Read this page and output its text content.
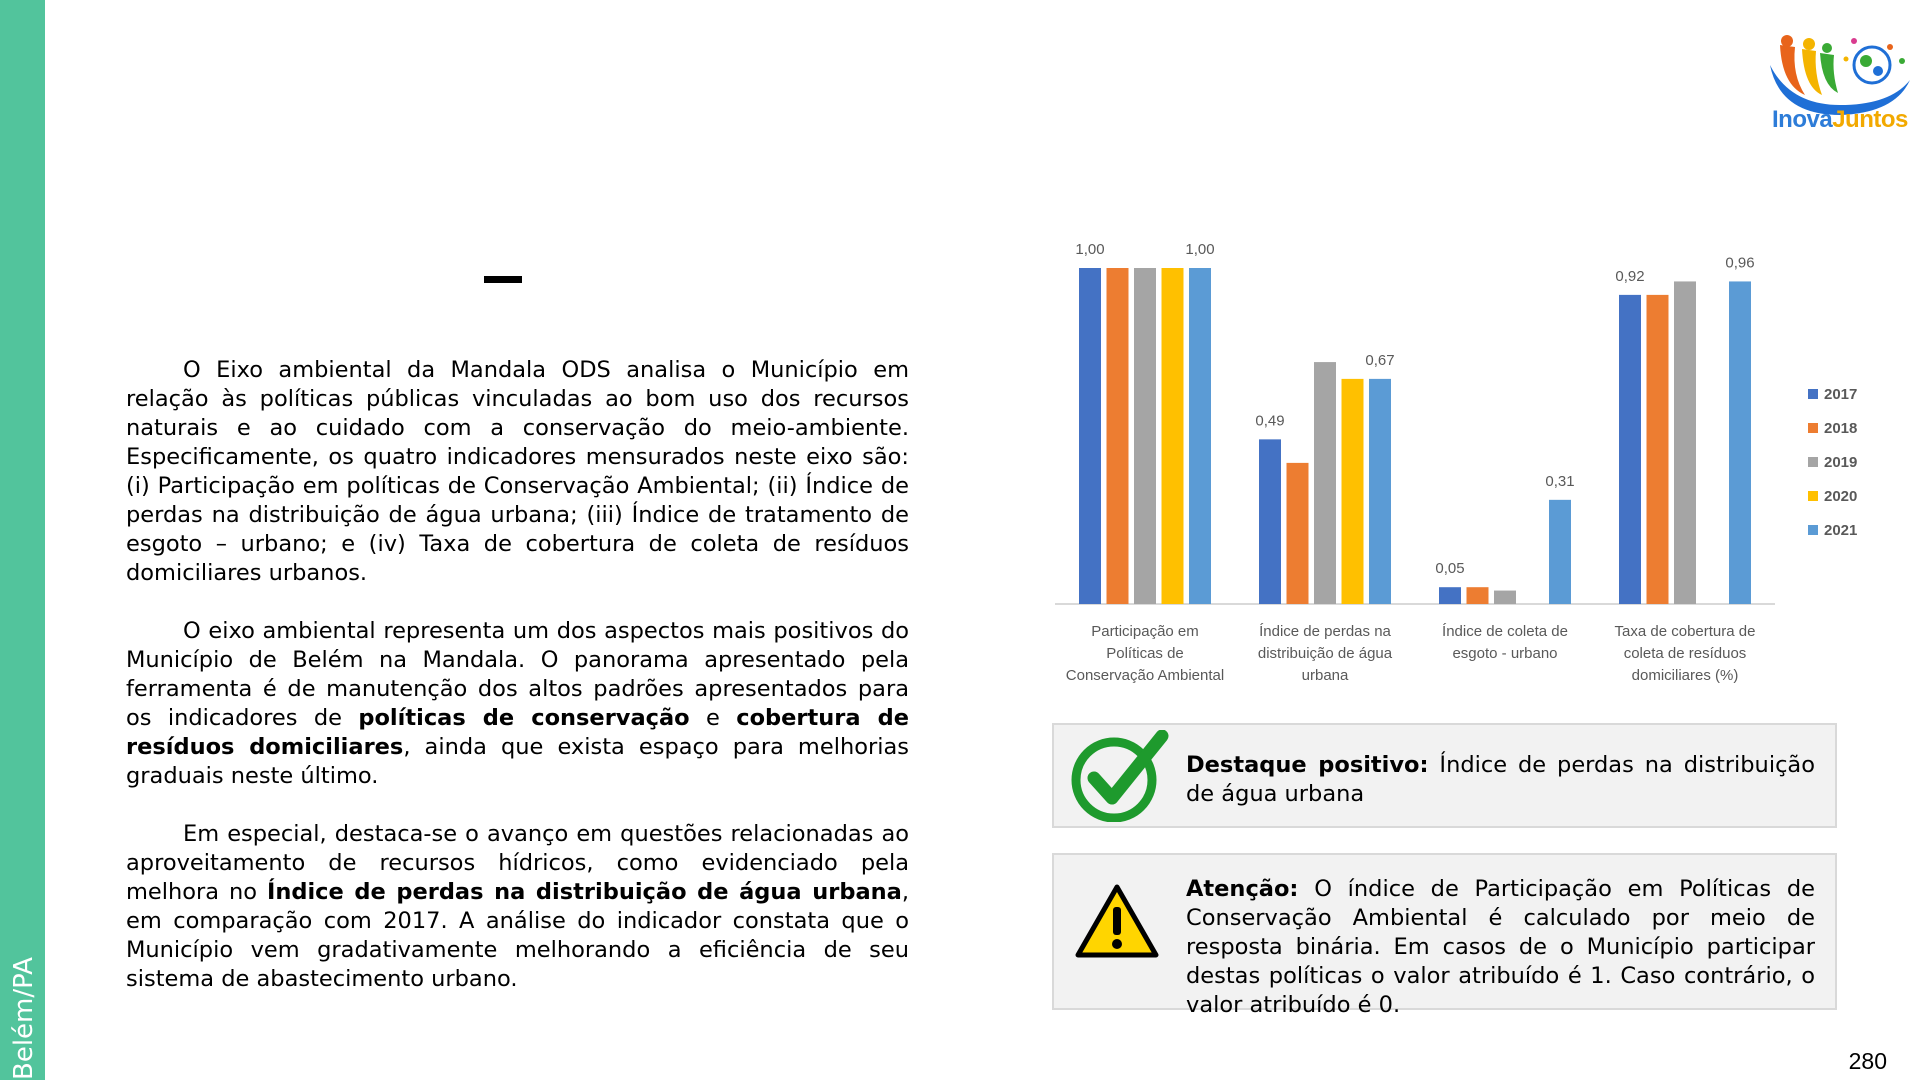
Belém/PA
InovaJuntos

O Eixo ambiental da Mandala ODS analisa o Município em relação às políticas públicas vinculadas ao bom uso dos recursos naturais e ao cuidado com a conservação do meio-ambiente. Especificamente, os quatro indicadores mensurados neste eixo são: (i) Participação em políticas de Conservação Ambiental; (ii) Índice de perdas na distribuição de água urbana; (iii) Índice de tratamento de esgoto – urbano; e (iv) Taxa de cobertura de coleta de resíduos domiciliares urbanos.

O eixo ambiental representa um dos aspectos mais positivos do Município de Belém na Mandala. O panorama apresentado pela ferramenta é de manutenção dos altos padrões apresentados para os indicadores de políticas de conservação e cobertura de resíduos domiciliares, ainda que exista espaço para melhorias graduais neste último.

Em especial, destaca-se o avanço em questões relacionadas ao aproveitamento de recursos hídricos, como evidenciado pela melhora no Índice de perdas na distribuição de água urbana, em comparação com 2017. A análise do indicador constata que o Município vem gradativamente melhorando a eficiência de seu sistema de abastecimento urbano.

Participação em Políticas de Conservação Ambiental
Índice de perdas na distribuição de água urbana
Índice de coleta de esgoto - urbano
Taxa de cobertura de coleta de resíduos domiciliares (%)
1,00	1,00
0,49
0,67
0,05
0,31
0,92
0,96
2017
2018
2019
2020
2021
Destaque positivo: Índice de perdas na distribuição de água urbana
Atenção: O índice de Participação em Políticas de Conservação Ambiental é calculado por meio de resposta binária. Em casos de o Município participar destas políticas o valor atribuído é 1. Caso contrário, o valor atribuído é 0.
280
